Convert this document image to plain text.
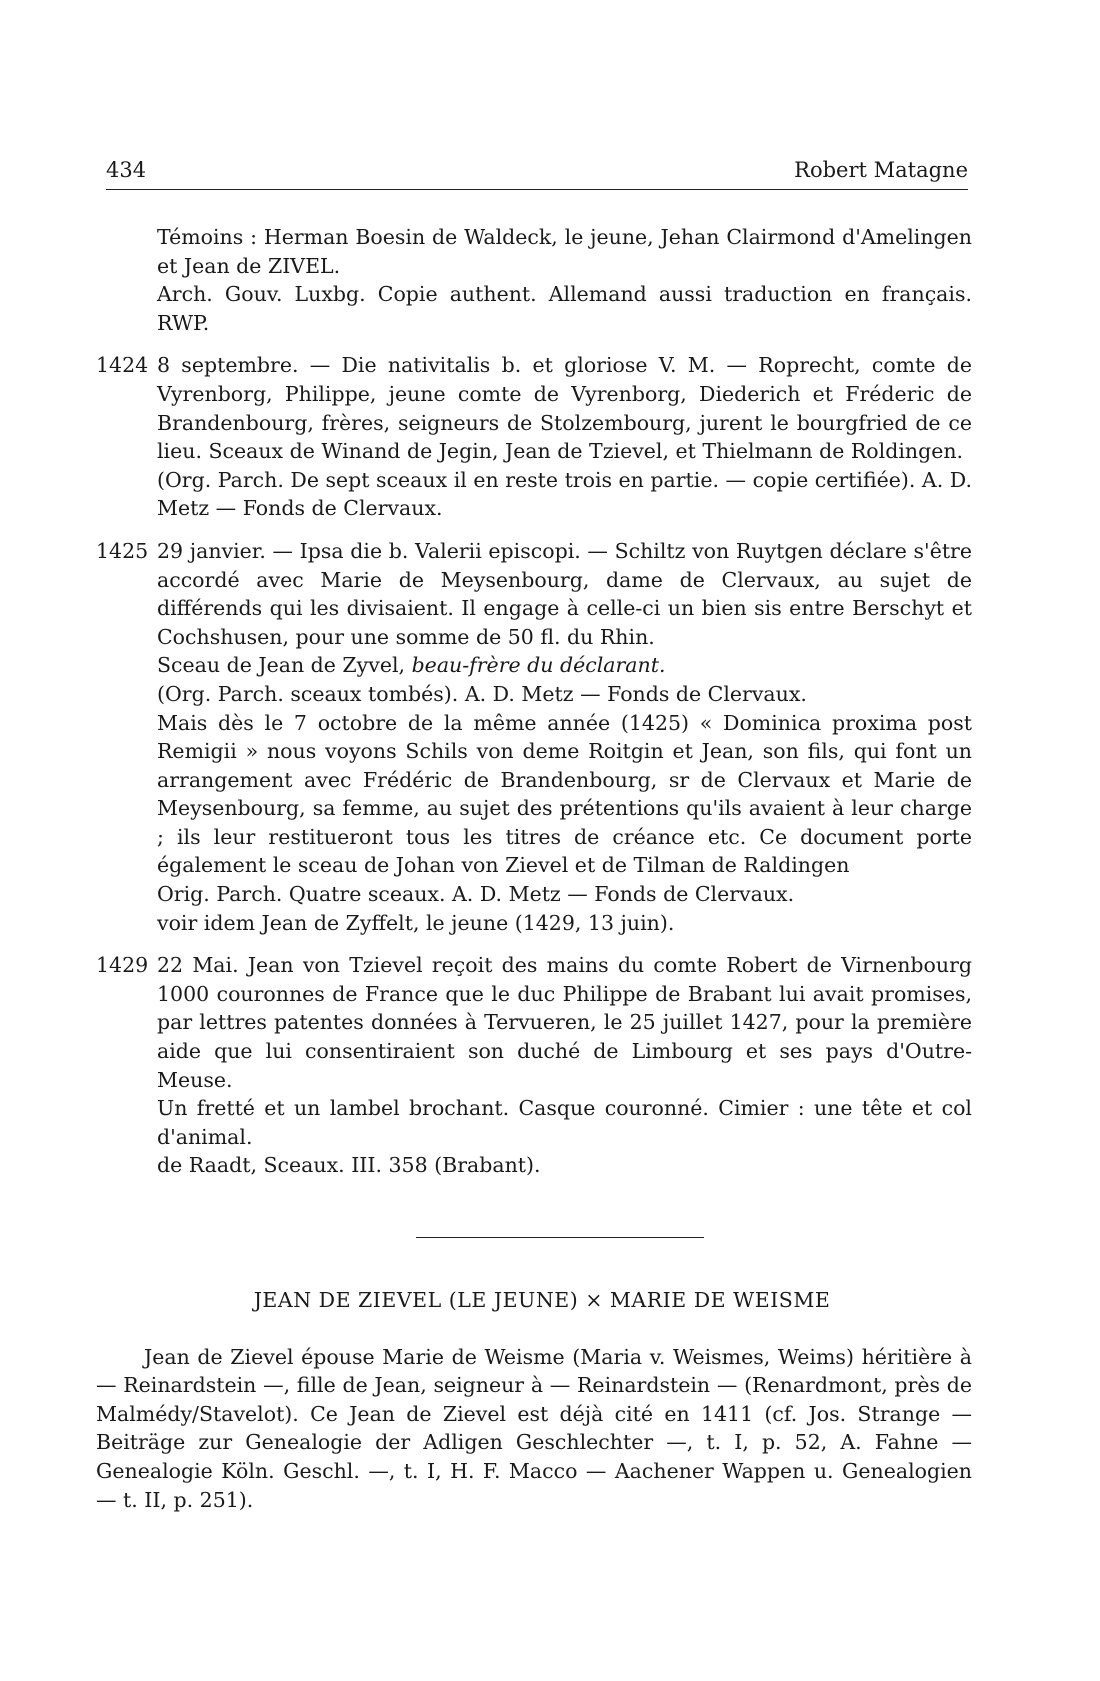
434	Robert Matagne
Témoins : Herman Boesin de Waldeck, le jeune, Jehan Clairmond d'Amelingen et Jean de ZIVEL.
Arch. Gouv. Luxbg. Copie authent. Allemand aussi traduction en français. RWP.
1424 8 septembre. — Die nativitalis b. et gloriose V. M. — Roprecht, comte de Vyrenborg, Philippe, jeune comte de Vyrenborg, Diederich et Fréderic de Brandenbourg, frères, seigneurs de Stolzembourg, jurent le bourgfried de ce lieu. Sceaux de Winand de Jegin, Jean de Tzievel, et Thielmann de Roldingen.
(Org. Parch. De sept sceaux il en reste trois en partie. — copie certifiée). A. D. Metz — Fonds de Clervaux.
1425 29 janvier. — Ipsa die b. Valerii episcopi. — Schiltz von Ruytgen déclare s'être accordé avec Marie de Meysenbourg, dame de Clervaux, au sujet de différends qui les divisaient. Il engage à celle-ci un bien sis entre Berschyt et Cochshusen, pour une somme de 50 fl. du Rhin.
Sceau de Jean de Zyvel, beau-frère du déclarant.
(Org. Parch. sceaux tombés). A. D. Metz — Fonds de Clervaux.
Mais dès le 7 octobre de la même année (1425) « Dominica proxima post Remigii » nous voyons Schils von deme Roitgin et Jean, son fils, qui font un arrangement avec Frédéric de Brandenbourg, sr de Clervaux et Marie de Meysenbourg, sa femme, au sujet des prétentions qu'ils avaient à leur charge ; ils leur restitueront tous les titres de créance etc. Ce document porte également le sceau de Johan von Zievel et de Tilman de Raldingen
Orig. Parch. Quatre sceaux. A. D. Metz — Fonds de Clervaux.
voir idem Jean de Zyffelt, le jeune (1429, 13 juin).
1429 22 Mai. Jean von Tzievel reçoit des mains du comte Robert de Virnenbourg 1000 couronnes de France que le duc Philippe de Brabant lui avait promises, par lettres patentes données à Tervueren, le 25 juillet 1427, pour la première aide que lui consentiraient son duché de Limbourg et ses pays d'Outre-Meuse.
Un fretté et un lambel brochant. Casque couronné. Cimier : une tête et col d'animal.
de Raadt, Sceaux. III. 358 (Brabant).
JEAN DE ZIEVEL (LE JEUNE) × MARIE DE WEISME
Jean de Zievel épouse Marie de Weisme (Maria v. Weismes, Weims) héritière à — Reinardstein —, fille de Jean, seigneur à — Reinardstein — (Renardmont, près de Malmédy/Stavelot). Ce Jean de Zievel est déjà cité en 1411 (cf. Jos. Strange — Beiträge zur Genealogie der Adligen Geschlechter —, t. I, p. 52, A. Fahne — Genealogie Köln. Geschl. —, t. I, H. F. Macco — Aachener Wappen u. Genealogien — t. II, p. 251).
